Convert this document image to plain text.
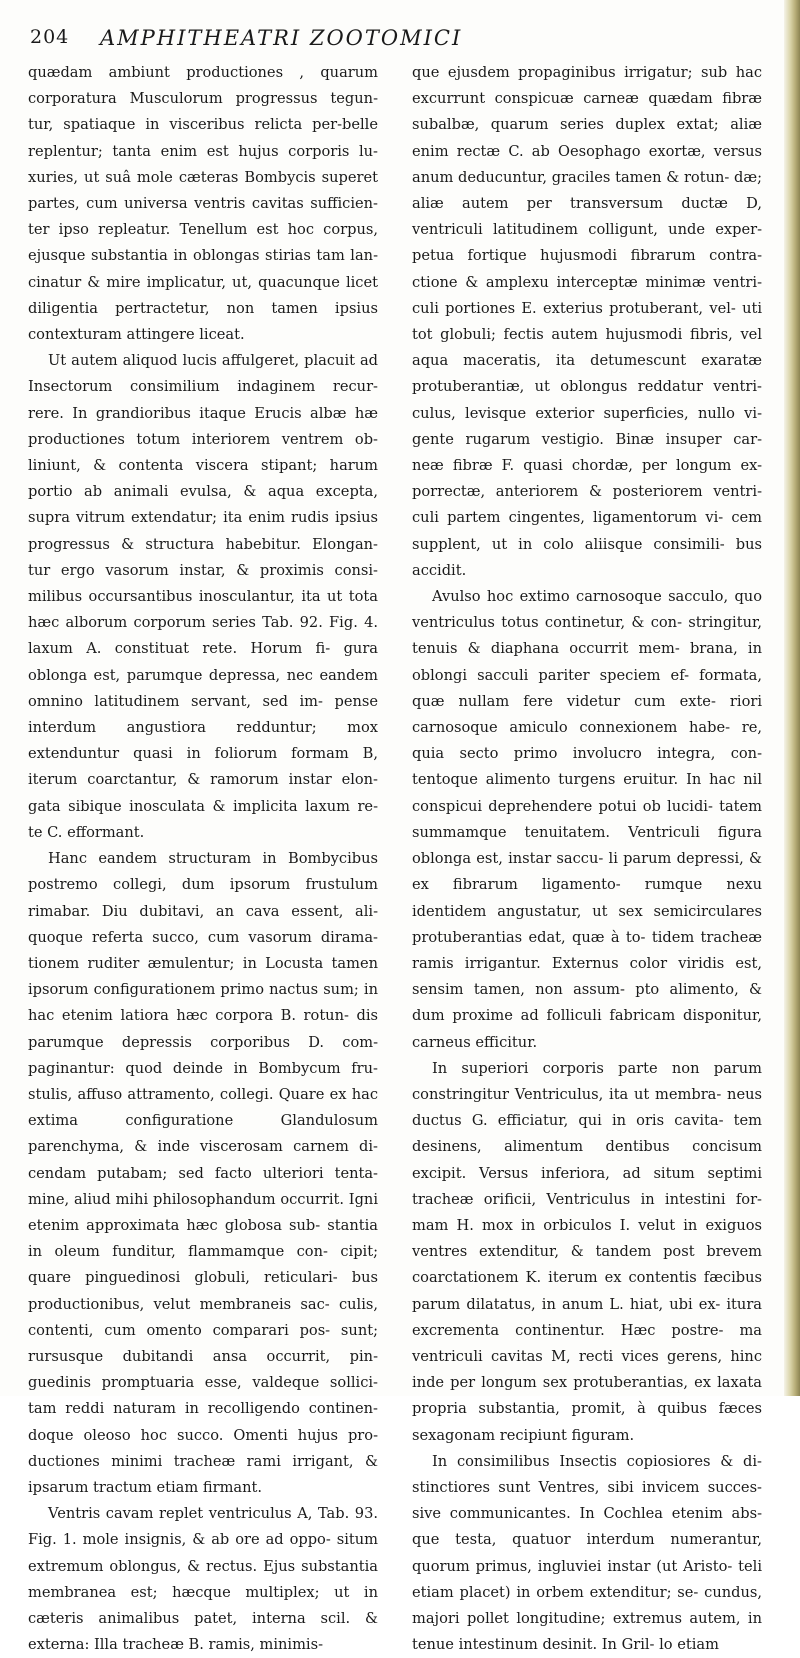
204 AMPHITHEATRI ZOOTOMICI

quædam ambiunt productiones , quarum corporatura Musculorum progressus tegun- tur, spatiaque in visceribus relicta per-belle replentur; tanta enim est hujus corporis lu- xuries, ut suâ mole cæteras Bombycis superet partes, cum universa ventris cavitas sufficien- ter ipso repleatur. Tenellum est hoc corpus, ejusque substantia in oblongas stirias tam lan- cinatur & mire implicatur, ut, quacunque licet diligentia pertractetur, non tamen ipsius contexturam attingere liceat.

Ut autem aliquod lucis affulgeret, placuit ad Insectorum consimilium indaginem recur- rere. In grandioribus itaque Erucis albæ hæ productiones totum interiorem ventrem ob- liniunt, & contenta viscera stipant; harum portio ab animali evulsa, & aqua excepta, supra vitrum extendatur; ita enim rudis ipsius progressus & structura habebitur. Elongan- tur ergo vasorum instar, & proximis consi- milibus occursantibus inosculantur, ita ut tota hæc alborum corporum series Tab. 92. Fig. 4. laxum A. constituat rete. Horum fi- gura oblonga est, parumque depressa, nec eandem omnino latitudinem servant, sed im- pense interdum angustiora redduntur; mox extenduntur quasi in foliorum formam B, iterum coarctantur, & ramorum instar elon- gata sibique inosculata & implicita laxum re- te C. efformant.

Hanc eandem structuram in Bombycibus postremo collegi, dum ipsorum frustulum rimabar. Diu dubitavi, an cava essent, ali- quoque referta succo, cum vasorum dirama- tionem ruditer æmulentur; in Locusta tamen ipsorum configurationem primo nactus sum; in hac etenim latiora hæc corpora B. rotun- dis parumque depressis corporibus D. com- paginantur: quod deinde in Bombycum fru- stulis, affuso attramento, collegi. Quare ex hac extima configuratione Glandulosum parenchyma, & inde viscerosam carnem di- cendam putabam; sed facto ulteriori tenta- mine, aliud mihi philosophandum occurrit. Igni etenim approximata hæc globosa sub- stantia in oleum funditur, flammamque con- cipit; quare pinguedinosi globuli, reticulari- bus productionibus, velut membraneis sac- culis, contenti, cum omento comparari pos- sunt; rursusque dubitandi ansa occurrit, pin- guedinis promptuaria esse, valdeque sollici- tam reddi naturam in recolligendo continen- doque oleoso hoc succo. Omenti hujus pro- ductiones minimi tracheæ rami irrigant, & ipsarum tractum etiam firmant.

Ventris cavam replet ventriculus A, Tab. 93. Fig. 1. mole insignis, & ab ore ad oppo- situm extremum oblongus, & rectus. Ejus substantia membranea est; hæcque multiplex; ut in cæteris animalibus patet, interna scil. & externa: Illa tracheæ B. ramis, minimis-

que ejusdem propaginibus irrigatur; sub hac excurrunt conspicuæ carneæ quædam fibræ subalbæ, quarum series duplex extat; aliæ enim rectæ C. ab Oesophago exortæ, versus anum deducuntur, graciles tamen & rotun- dæ; aliæ autem per transversum ductæ D, ventriculi latitudinem colligunt, unde exper- petua fortique hujusmodi fibrarum contra- ctione & amplexu interceptæ minimæ ventri- culi portiones E. exterius protuberant, vel- uti tot globuli; fectis autem hujusmodi fibris, vel aqua maceratis, ita detumescunt exaratæ protuberantiæ, ut oblongus reddatur ventri- culus, levisque exterior superficies, nullo vi- gente rugarum vestigio. Binæ insuper car- neæ fibræ F. quasi chordæ, per longum ex- porrectæ, anteriorem & posteriorem ventri- culi partem cingentes, ligamentorum vi- cem supplent, ut in colo aliisque consimili- bus accidit.

Avulso hoc extimo carnosoque sacculo, quo ventriculus totus continetur, & con- stringitur, tenuis & diaphana occurrit mem- brana, in oblongi sacculi pariter speciem ef- formata, quæ nullam fere videtur cum exte- riori carnosoque amiculo connexionem habe- re, quia secto primo involucro integra, con- tentoque alimento turgens eruitur. In hac nil conspicui deprehendere potui ob lucidi- tatem summamque tenuitatem. Ventriculi figura oblonga est, instar saccu- li parum depressi, & ex fibrarum ligamento- rumque nexu identidem angustatur, ut sex semicirculares protuberantias edat, quæ à to- tidem tracheæ ramis irrigantur. Externus color viridis est, sensim tamen, non assum- pto alimento, & dum proxime ad folliculi fabricam disponitur, carneus efficitur.

In superiori corporis parte non parum constringitur Ventriculus, ita ut membra- neus ductus G. efficiatur, qui in oris cavita- tem desinens, alimentum dentibus concisum excipit. Versus inferiora, ad situm septimi tracheæ orificii, Ventriculus in intestini for- mam H. mox in orbiculos I. velut in exiguos ventres extenditur, & tandem post brevem coarctationem K. iterum ex contentis fæcibus parum dilatatus, in anum L. hiat, ubi ex- itura excrementa continentur. Hæc postre- ma ventriculi cavitas M, recti vices gerens, hinc inde per longum sex protuberantias, ex laxata propria substantia, promit, à quibus fæces sexagonam recipiunt figuram.

In consimilibus Insectis copiosiores & di- stinctiores sunt Ventres, sibi invicem succes- sive communicantes. In Cochlea etenim abs- que testa, quatuor interdum numerantur, quorum primus, ingluviei instar (ut Aristo- teli etiam placet) in orbem extenditur; se- cundus, majori pollet longitudine; extremus autem, in tenue intestinum desinit. In Gril- lo etiam
